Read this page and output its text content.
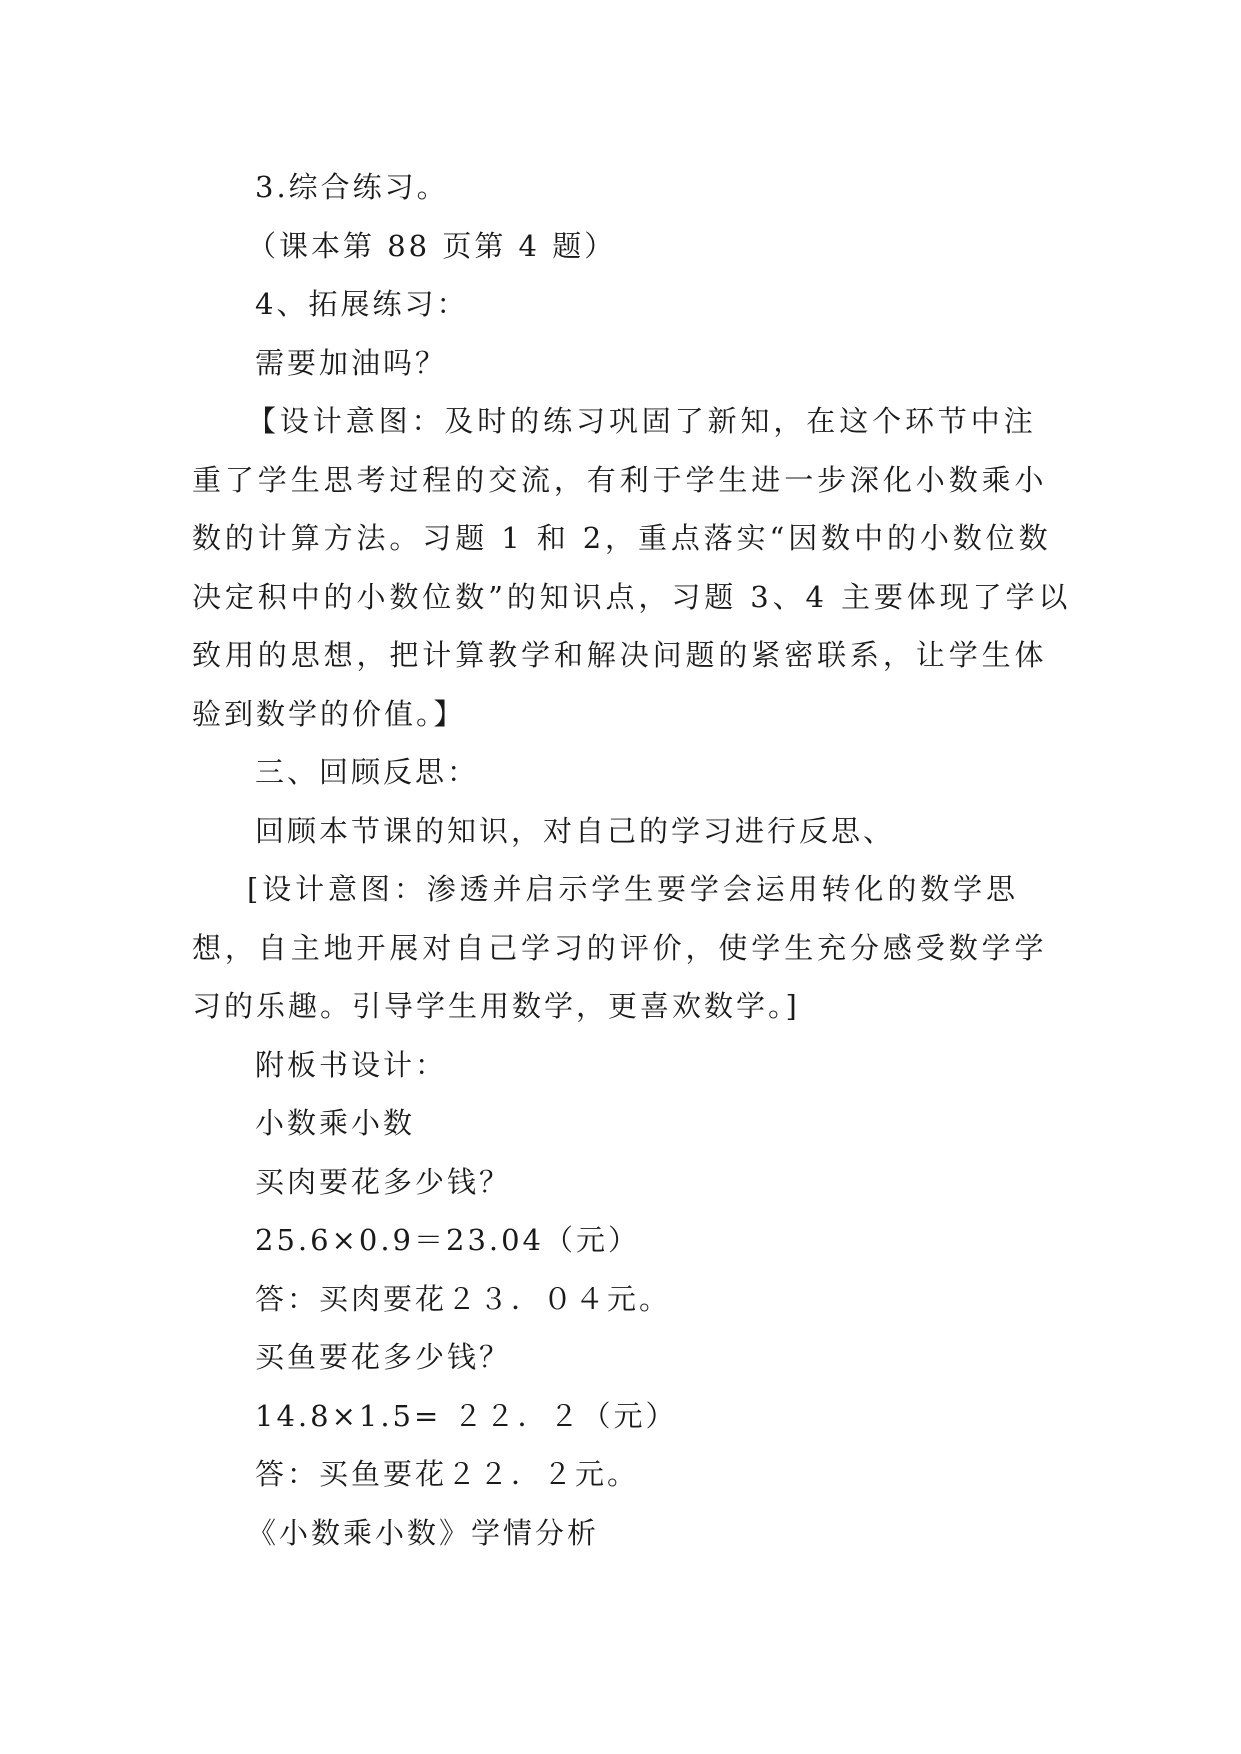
3.综合练习。
（课本第 88 页第 4 题）
4、拓展练习：
需要加油吗？
【设计意图：及时的练习巩固了新知，在这个环节中注
重了学生思考过程的交流，有利于学生进一步深化小数乘小
数的计算方法。习题 1 和 2，重点落实“因数中的小数位数
决定积中的小数位数”的知识点，习题 3、4 主要体现了学以
致用的思想，把计算教学和解决问题的紧密联系，让学生体
验到数学的价值。】
三、回顾反思：
回顾本节课的知识，对自己的学习进行反思、
[设计意图：渗透并启示学生要学会运用转化的数学思
想，自主地开展对自己学习的评价，使学生充分感受数学学
习的乐趣。引导学生用数学，更喜欢数学。]
附板书设计：
小数乘小数
买肉要花多少钱？
25.6×0.9＝23.04（元）
答：买肉要花２３．０４元。
买鱼要花多少钱？
14.8×1.5= ２２．２（元）
答：买鱼要花２２．２元。
《小数乘小数》学情分析
